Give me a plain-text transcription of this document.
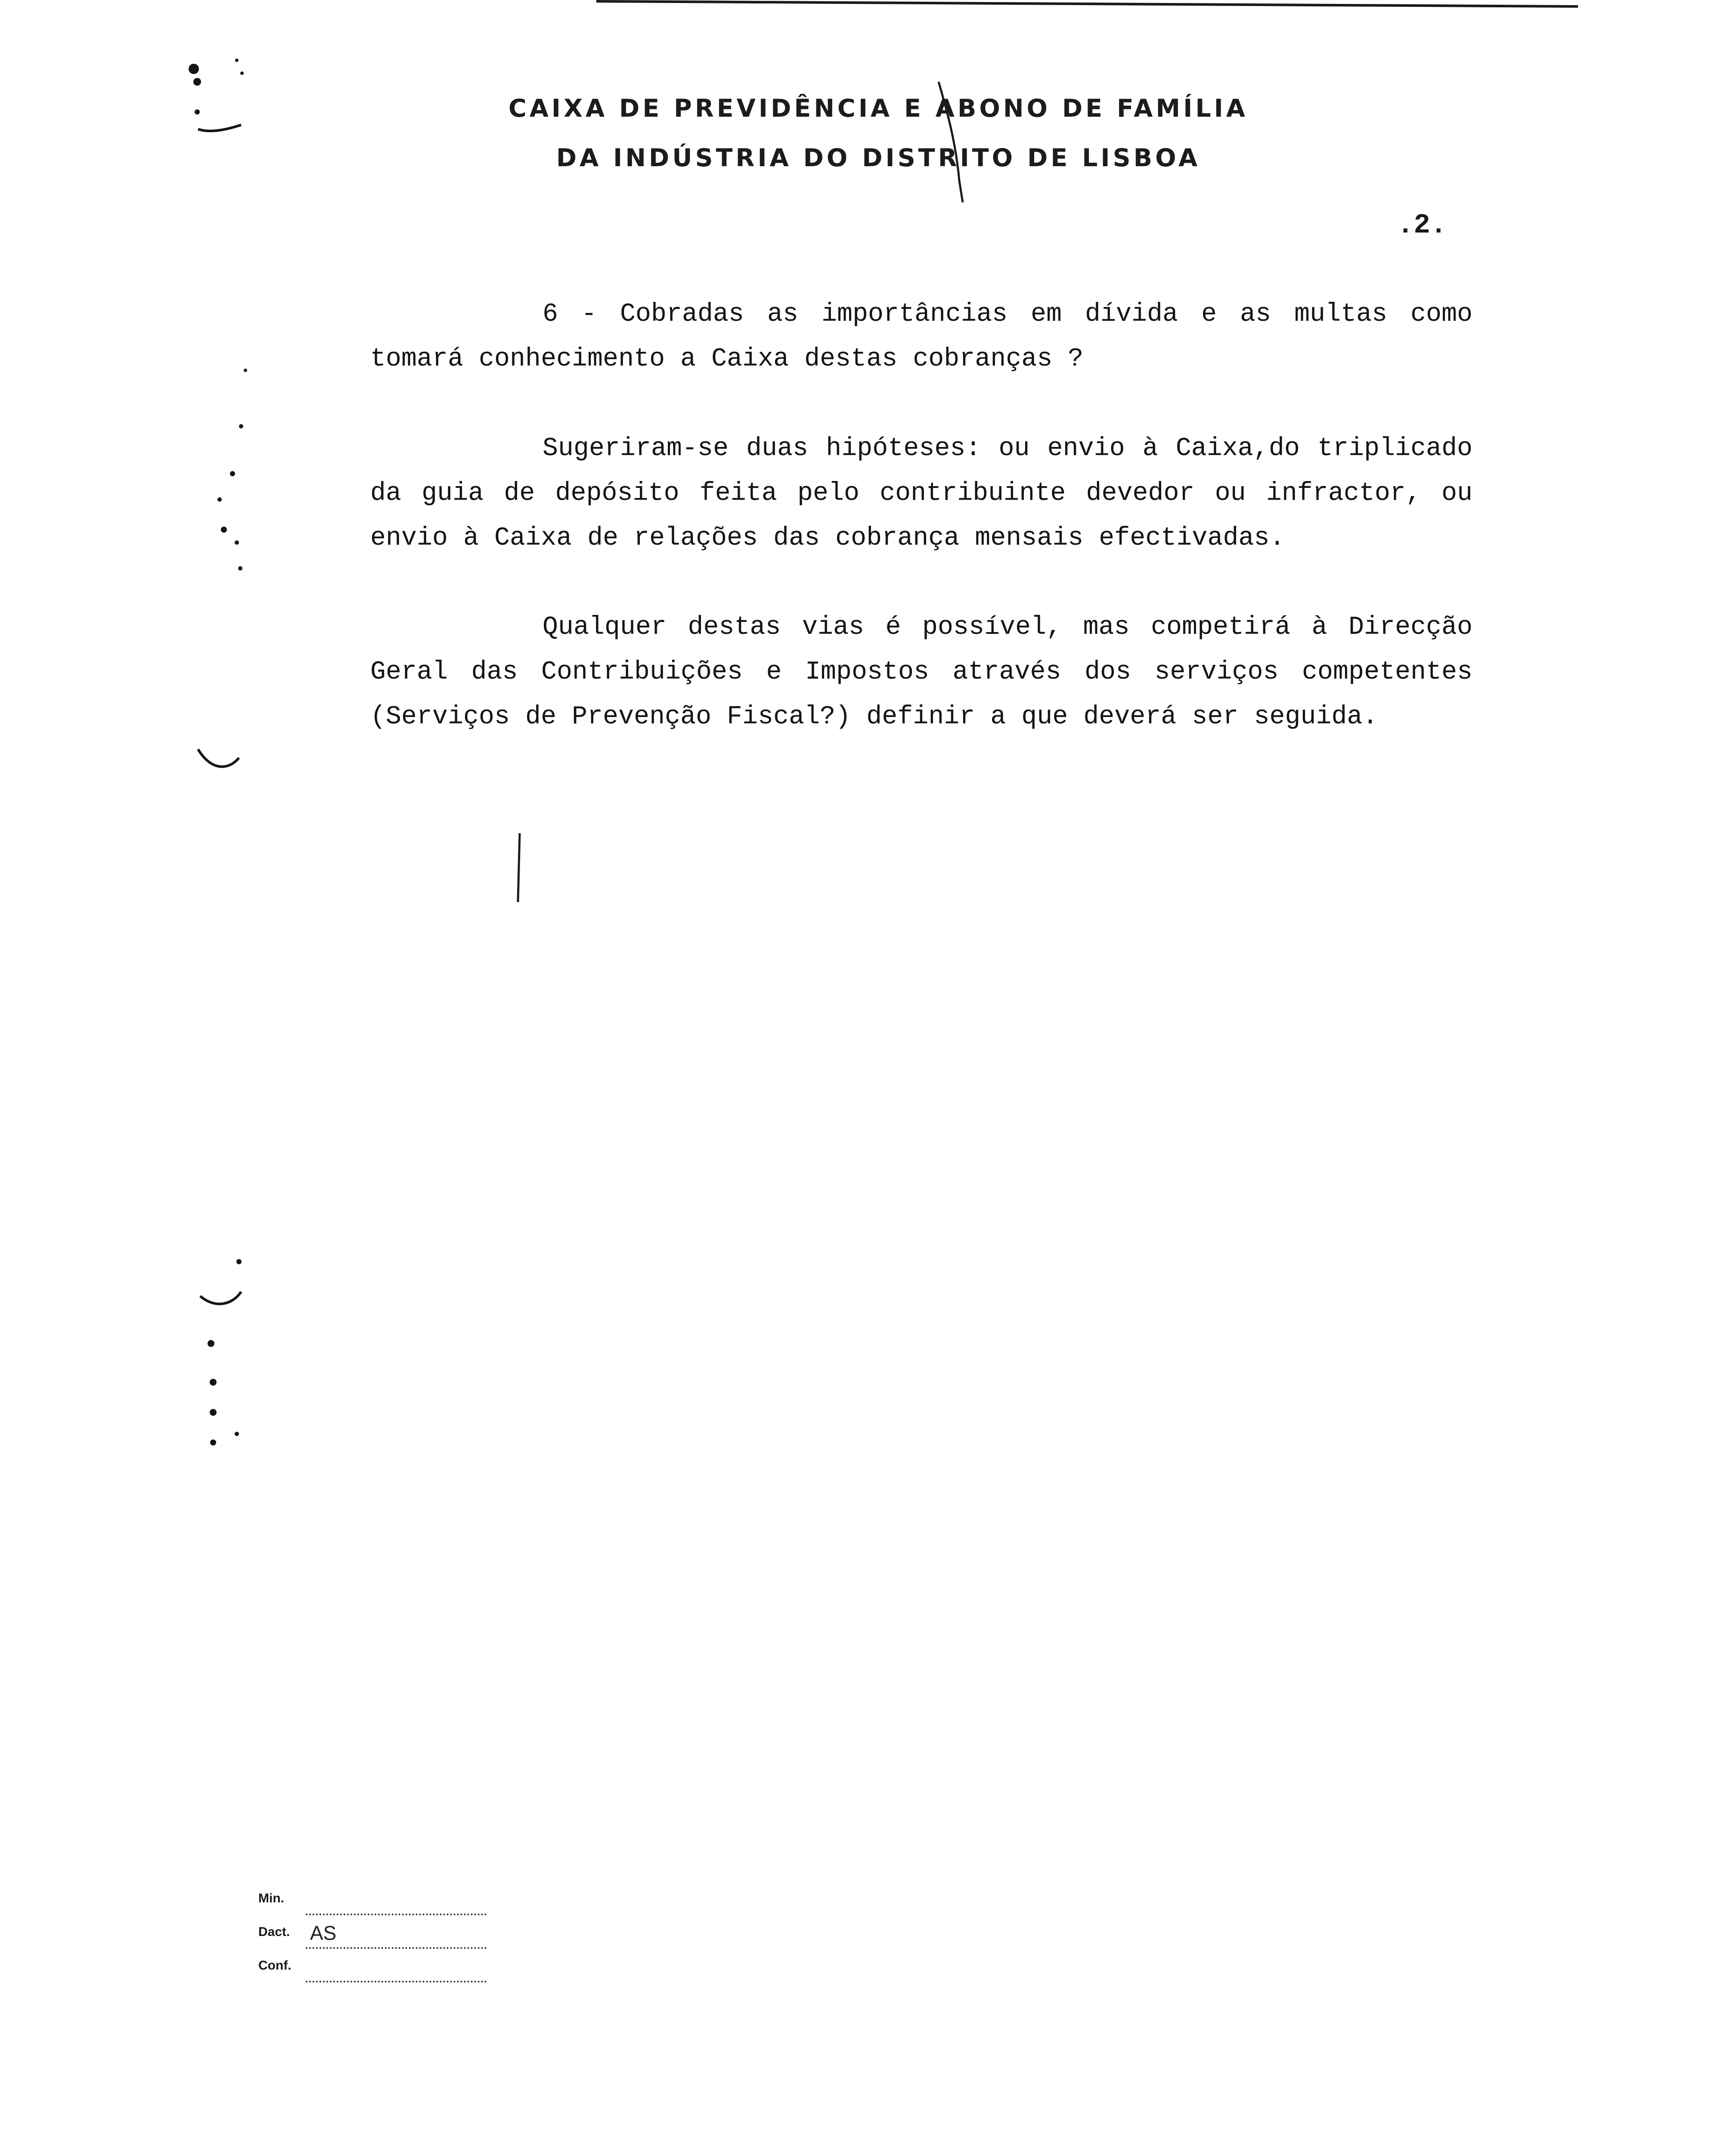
CAIXA DE PREVIDÊNCIA E ABONO DE FAMÍLIA
DA INDÚSTRIA DO DISTRITO DE LISBOA
.2.
6 - Cobradas as importâncias em dívida e as multas como tomará conhecimento a Caixa destas cobranças ?
Sugeriram-se duas hipóteses: ou envio à Caixa,do triplicado da guia de depósito feita pelo contribuinte devedor ou infractor, ou envio à Caixa de relações das cobrança mensais efectivadas.
Qualquer destas vias é possível, mas competirá à Direcção Geral das Contribuições e Impostos através dos serviços competentes (Serviços de Prevenção Fiscal?) definir a que deverá ser seguida.
Min.
Dact.	AS
Conf.
